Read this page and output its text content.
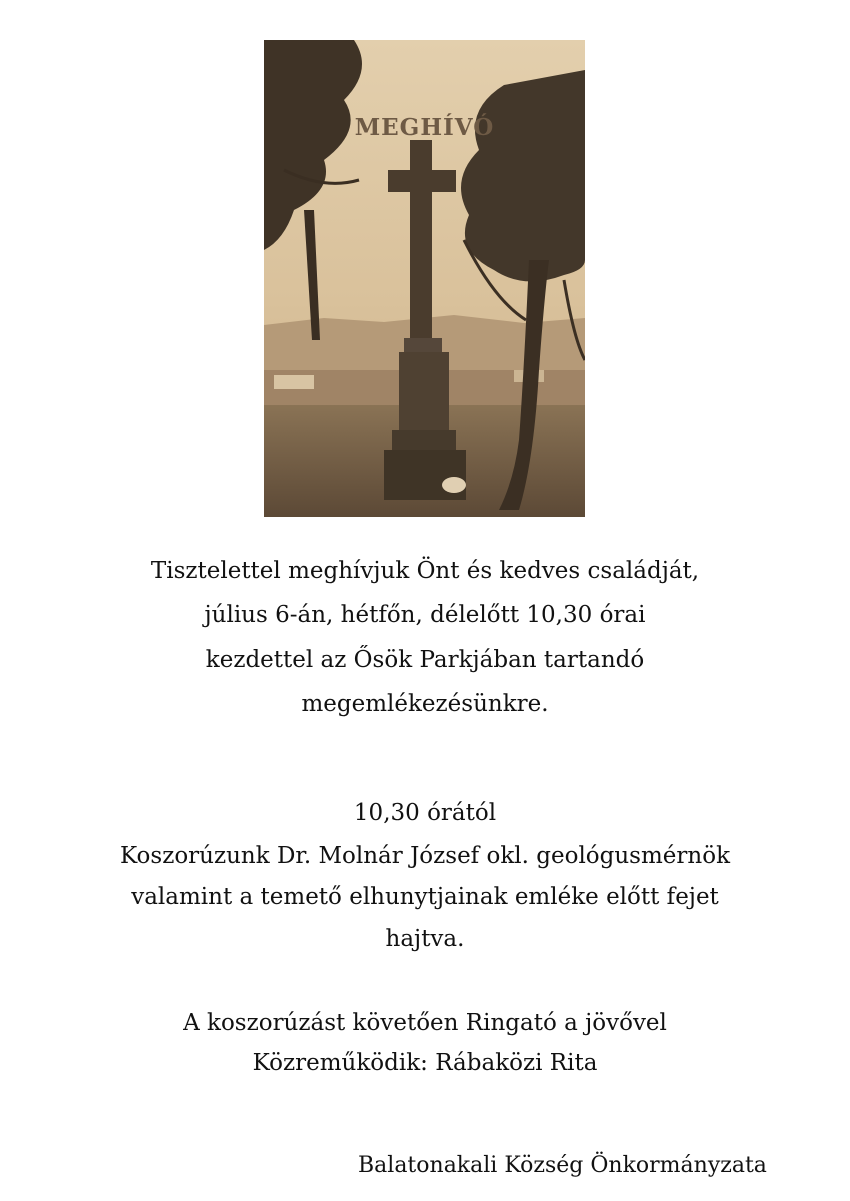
MEGHÍVÓ
Tisztelettel meghívjuk Önt és kedves családját,
július 6-án, hétfőn, délelőtt 10,30 órai
kezdettel az Ősök Parkjában tartandó
megemlékezésünkre.
10,30 órától
Koszorúzunk Dr. Molnár József okl. geológusmérnök
valamint a temető elhunytjainak emléke előtt fejet
hajtva.
A koszorúzást követően Ringató a jövővel
Közreműködik: Rábaközi Rita
Balatonakali Község Önkormányzata
